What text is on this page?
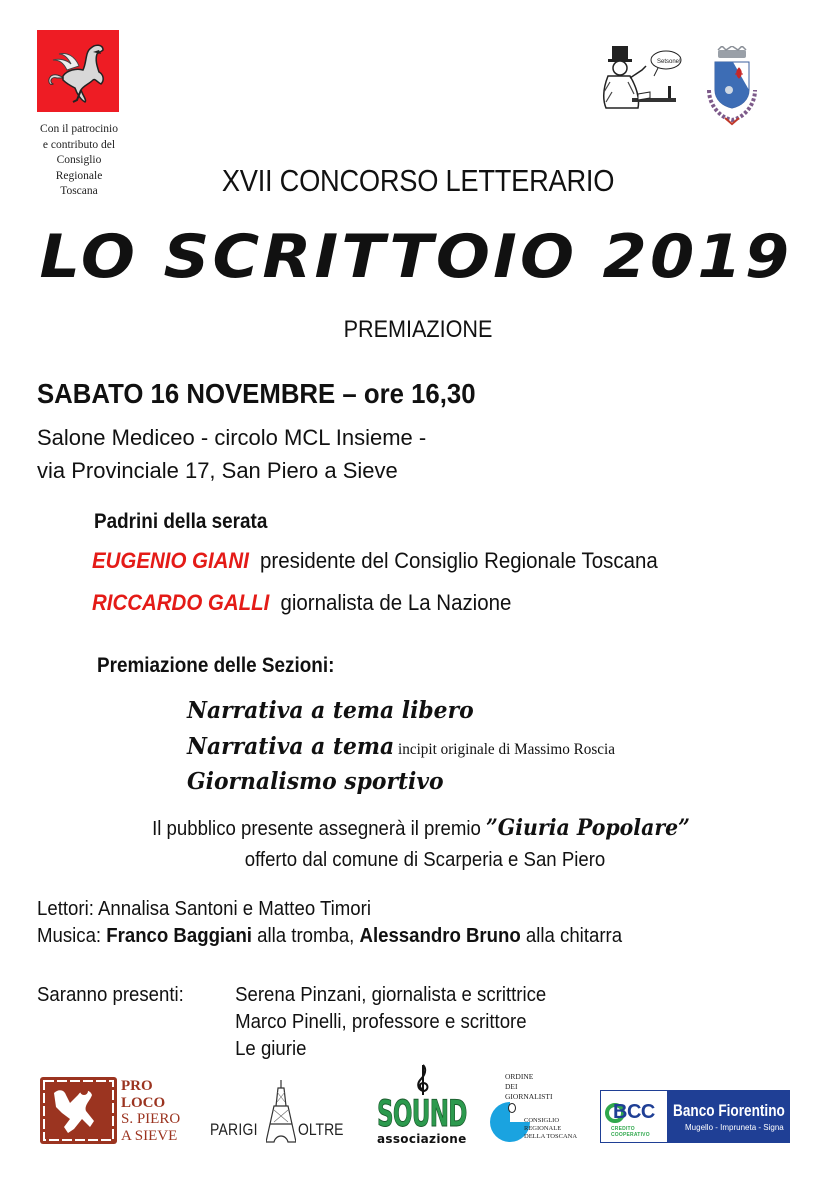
Con il patrocinio
e contributo del
Consiglio
Regionale
Toscana
Setsone!
XVII CONCORSO LETTERARIO
LO SCRITTOIO 2019
PREMIAZIONE
SABATO 16 NOVEMBRE – ore 16,30
Salone Mediceo - circolo MCL Insieme -
via Provinciale 17, San Piero a Sieve
Padrini della serata
EUGENIO GIANI presidente del Consiglio Regionale Toscana
RICCARDO GALLI giornalista de La Nazione
Premiazione delle Sezioni:
Narrativa a tema libero
Narrativa a tema incipit originale di Massimo Roscia
Giornalismo sportivo
Il pubblico presente assegnerà il premio ”Giuria Popolare”
offerto dal comune di Scarperia e San Piero
Lettori: Annalisa Santoni e Matteo Timori
Musica: Franco Baggiani alla tromba, Alessandro Bruno alla chitarra
Saranno presenti:	Serena Pinzani, giornalista e scrittrice
Marco Pinelli, professore e scrittore
Le giurie
PRO
LOCO
S. PIERO
A SIEVE PARIGI OLTRE SOUND
associazione
ORDINE
DEI
GIORNALISTI
CONSIGLIO REGIONALE
DELLA TOSCANA
BCC
CREDITO COOPERATIVO
Banco Fiorentino
Mugello - Impruneta - Signa
